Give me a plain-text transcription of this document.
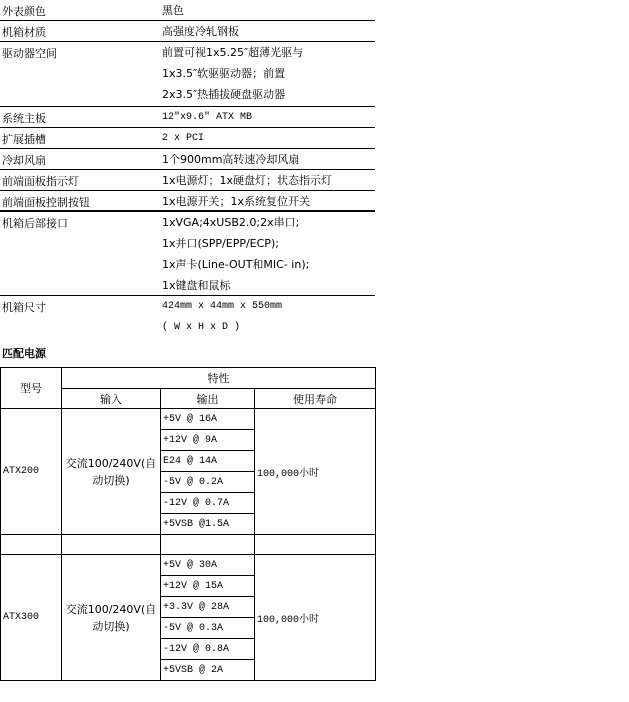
外表颜色	黑色
机箱材质	高强度冷轧钢板
驱动器空间	前置可视1x5.25″超薄光驱与
1x3.5″软驱驱动器；前置
2x3.5″热插拔硬盘驱动器
系统主板	12″x9.6″ ATX MB
扩展插槽	2 x PCI
冷却风扇	1个900mm高转速冷却风扇
前端面板指示灯	1x电源灯；1x硬盘灯；状态指示灯
前端面板控制按钮	1x电源开关；1x系统复位开关
机箱后部接口	1xVGA;4xUSB2.0;2x串口;
1x并口(SPP/EPP/ECP);
1x声卡(Line-OUT和MIC- in);
1x键盘和鼠标
机箱尺寸	424mm x 44mm x 550mm
( W x H x D )
匹配电源
型号	特性		
	输入	输出	使用寿命
ATX200	交流100/240V(自动切换)	+5V @ 16A	100,000小时
		+12V @ 9A	
		E24 @ 14A	
		-5V @ 0.2A	
		-12V @ 0.7A	
		+5VSB @1.5A	

ATX300	交流100/240V(自动切换)	+5V @ 30A	100,000小时
		+12V @ 15A	
		+3.3V @ 28A	
		-5V @ 0.3A	
		-12V @ 0.8A	
		+5VSB @ 2A	
